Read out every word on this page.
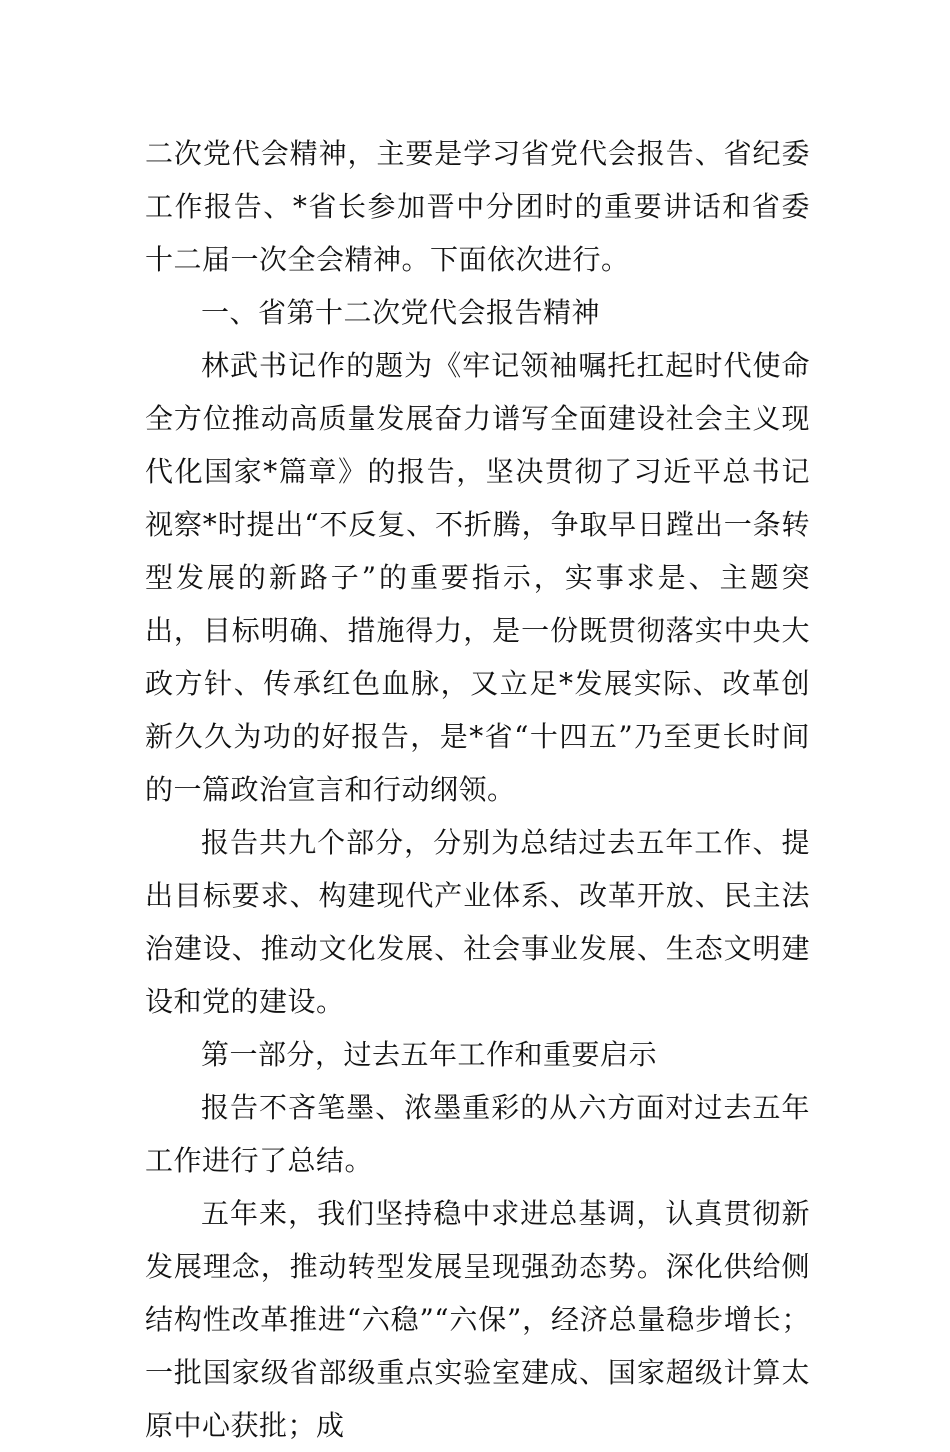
二次党代会精神，主要是学习省党代会报告、省纪委工作报告、*省长参加晋中分团时的重要讲话和省委十二届一次全会精神。下面依次进行。

一、省第十二次党代会报告精神

林武书记作的题为《牢记领袖嘱托扛起时代使命全方位推动高质量发展奋力谱写全面建设社会主义现代化国家*篇章》的报告，坚决贯彻了习近平总书记视察*时提出“不反复、不折腾，争取早日蹚出一条转型发展的新路子”的重要指示，实事求是、主题突出，目标明确、措施得力，是一份既贯彻落实中央大政方针、传承红色血脉，又立足*发展实际、改革创新久久为功的好报告，是*省“十四五”乃至更长时间的一篇政治宣言和行动纲领。

报告共九个部分，分别为总结过去五年工作、提出目标要求、构建现代产业体系、改革开放、民主法治建设、推动文化发展、社会事业发展、生态文明建设和党的建设。

第一部分，过去五年工作和重要启示

报告不吝笔墨、浓墨重彩的从六方面对过去五年工作进行了总结。

五年来，我们坚持稳中求进总基调，认真贯彻新发展理念，推动转型发展呈现强劲态势。深化供给侧结构性改革推进“六稳”“六保”，经济总量稳步增长；一批国家级省部级重点实验室建成、国家超级计算太原中心获批；成
